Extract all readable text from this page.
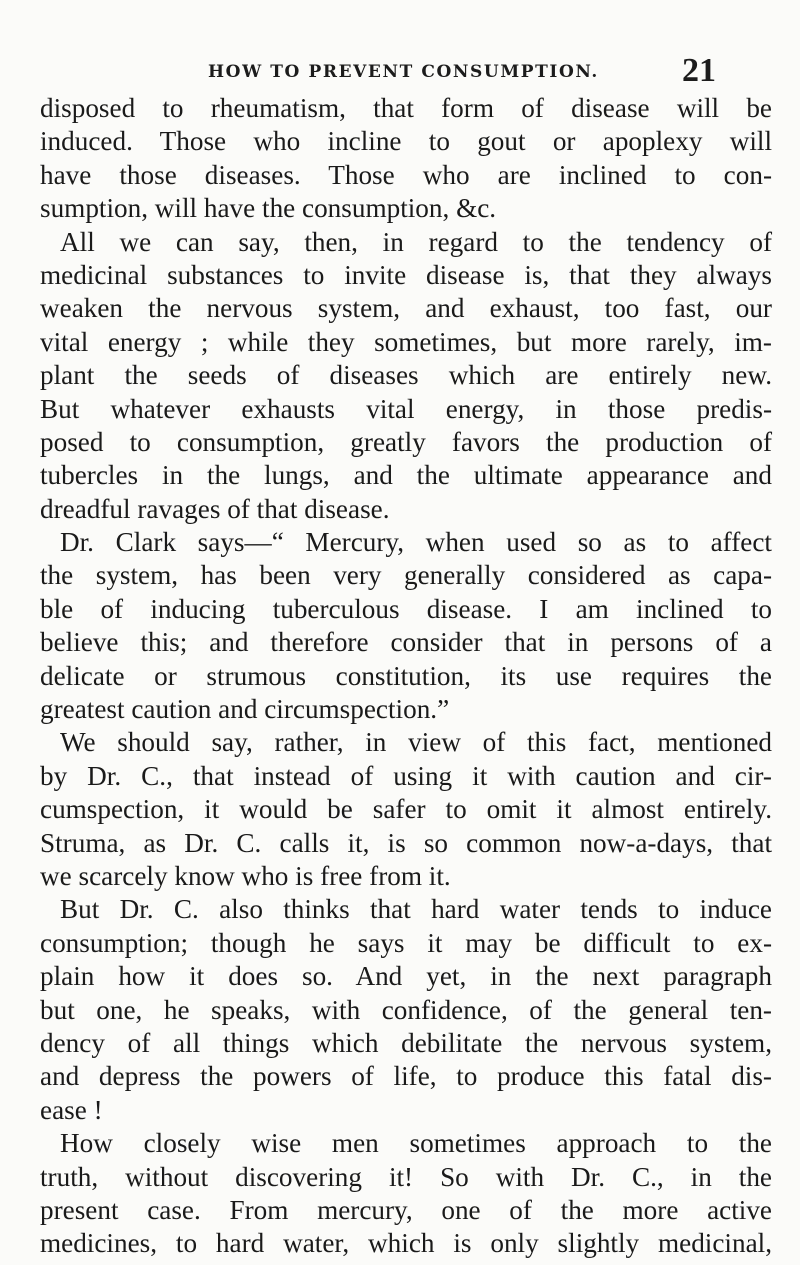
HOW TO PREVENT CONSUMPTION. 21
disposed to rheumatism, that form of disease will be
induced. Those who incline to gout or apoplexy will
have those diseases. Those who are inclined to con-
sumption, will have the consumption, &c.
All we can say, then, in regard to the tendency of
medicinal substances to invite disease is, that they always
weaken the nervous system, and exhaust, too fast, our
vital energy ; while they sometimes, but more rarely, im-
plant the seeds of diseases which are entirely new.
But whatever exhausts vital energy, in those predis-
posed to consumption, greatly favors the production of
tubercles in the lungs, and the ultimate appearance and
dreadful ravages of that disease.
Dr. Clark says—“ Mercury, when used so as to affect
the system, has been very generally considered as capa-
ble of inducing tuberculous disease. I am inclined to
believe this; and therefore consider that in persons of a
delicate or strumous constitution, its use requires the
greatest caution and circumspection.”
We should say, rather, in view of this fact, mentioned
by Dr. C., that instead of using it with caution and cir-
cumspection, it would be safer to omit it almost entirely.
Struma, as Dr. C. calls it, is so common now-a-days, that
we scarcely know who is free from it.
But Dr. C. also thinks that hard water tends to induce
consumption; though he says it may be difficult to ex-
plain how it does so. And yet, in the next paragraph
but one, he speaks, with confidence, of the general ten-
dency of all things which debilitate the nervous system,
and depress the powers of life, to produce this fatal dis-
ease !
How closely wise men sometimes approach to the
truth, without discovering it! So with Dr. C., in the
present case. From mercury, one of the more active
medicines, to hard water, which is only slightly medicinal,
